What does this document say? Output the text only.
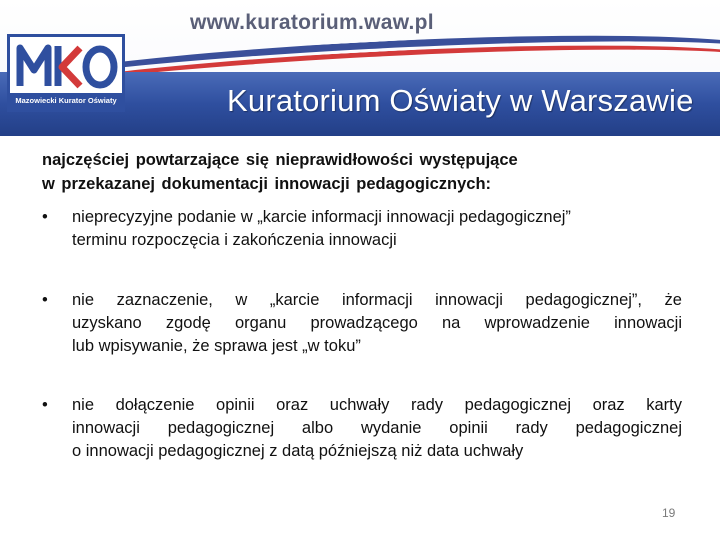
www.kuratorium.waw.pl
Kuratorium Oświaty w Warszawie
Mazowiecki Kurator Oświaty
najczęściej powtarzające się nieprawidłowości występujące
w przekazanej dokumentacji innowacji pedagogicznych:
•	nieprecyzyjne podanie w „karcie informacji innowacji pedagogicznej”
terminu rozpoczęcia i zakończenia innowacji
•	nie zaznaczenie, w „karcie informacji innowacji pedagogicznej”, że
uzyskano zgodę organu prowadzącego na wprowadzenie innowacji
lub wpisywanie, że sprawa jest „w toku”
•	nie dołączenie opinii oraz uchwały rady pedagogicznej oraz karty
innowacji pedagogicznej albo wydanie opinii rady pedagogicznej
o innowacji pedagogicznej z datą późniejszą niż data uchwały
19
